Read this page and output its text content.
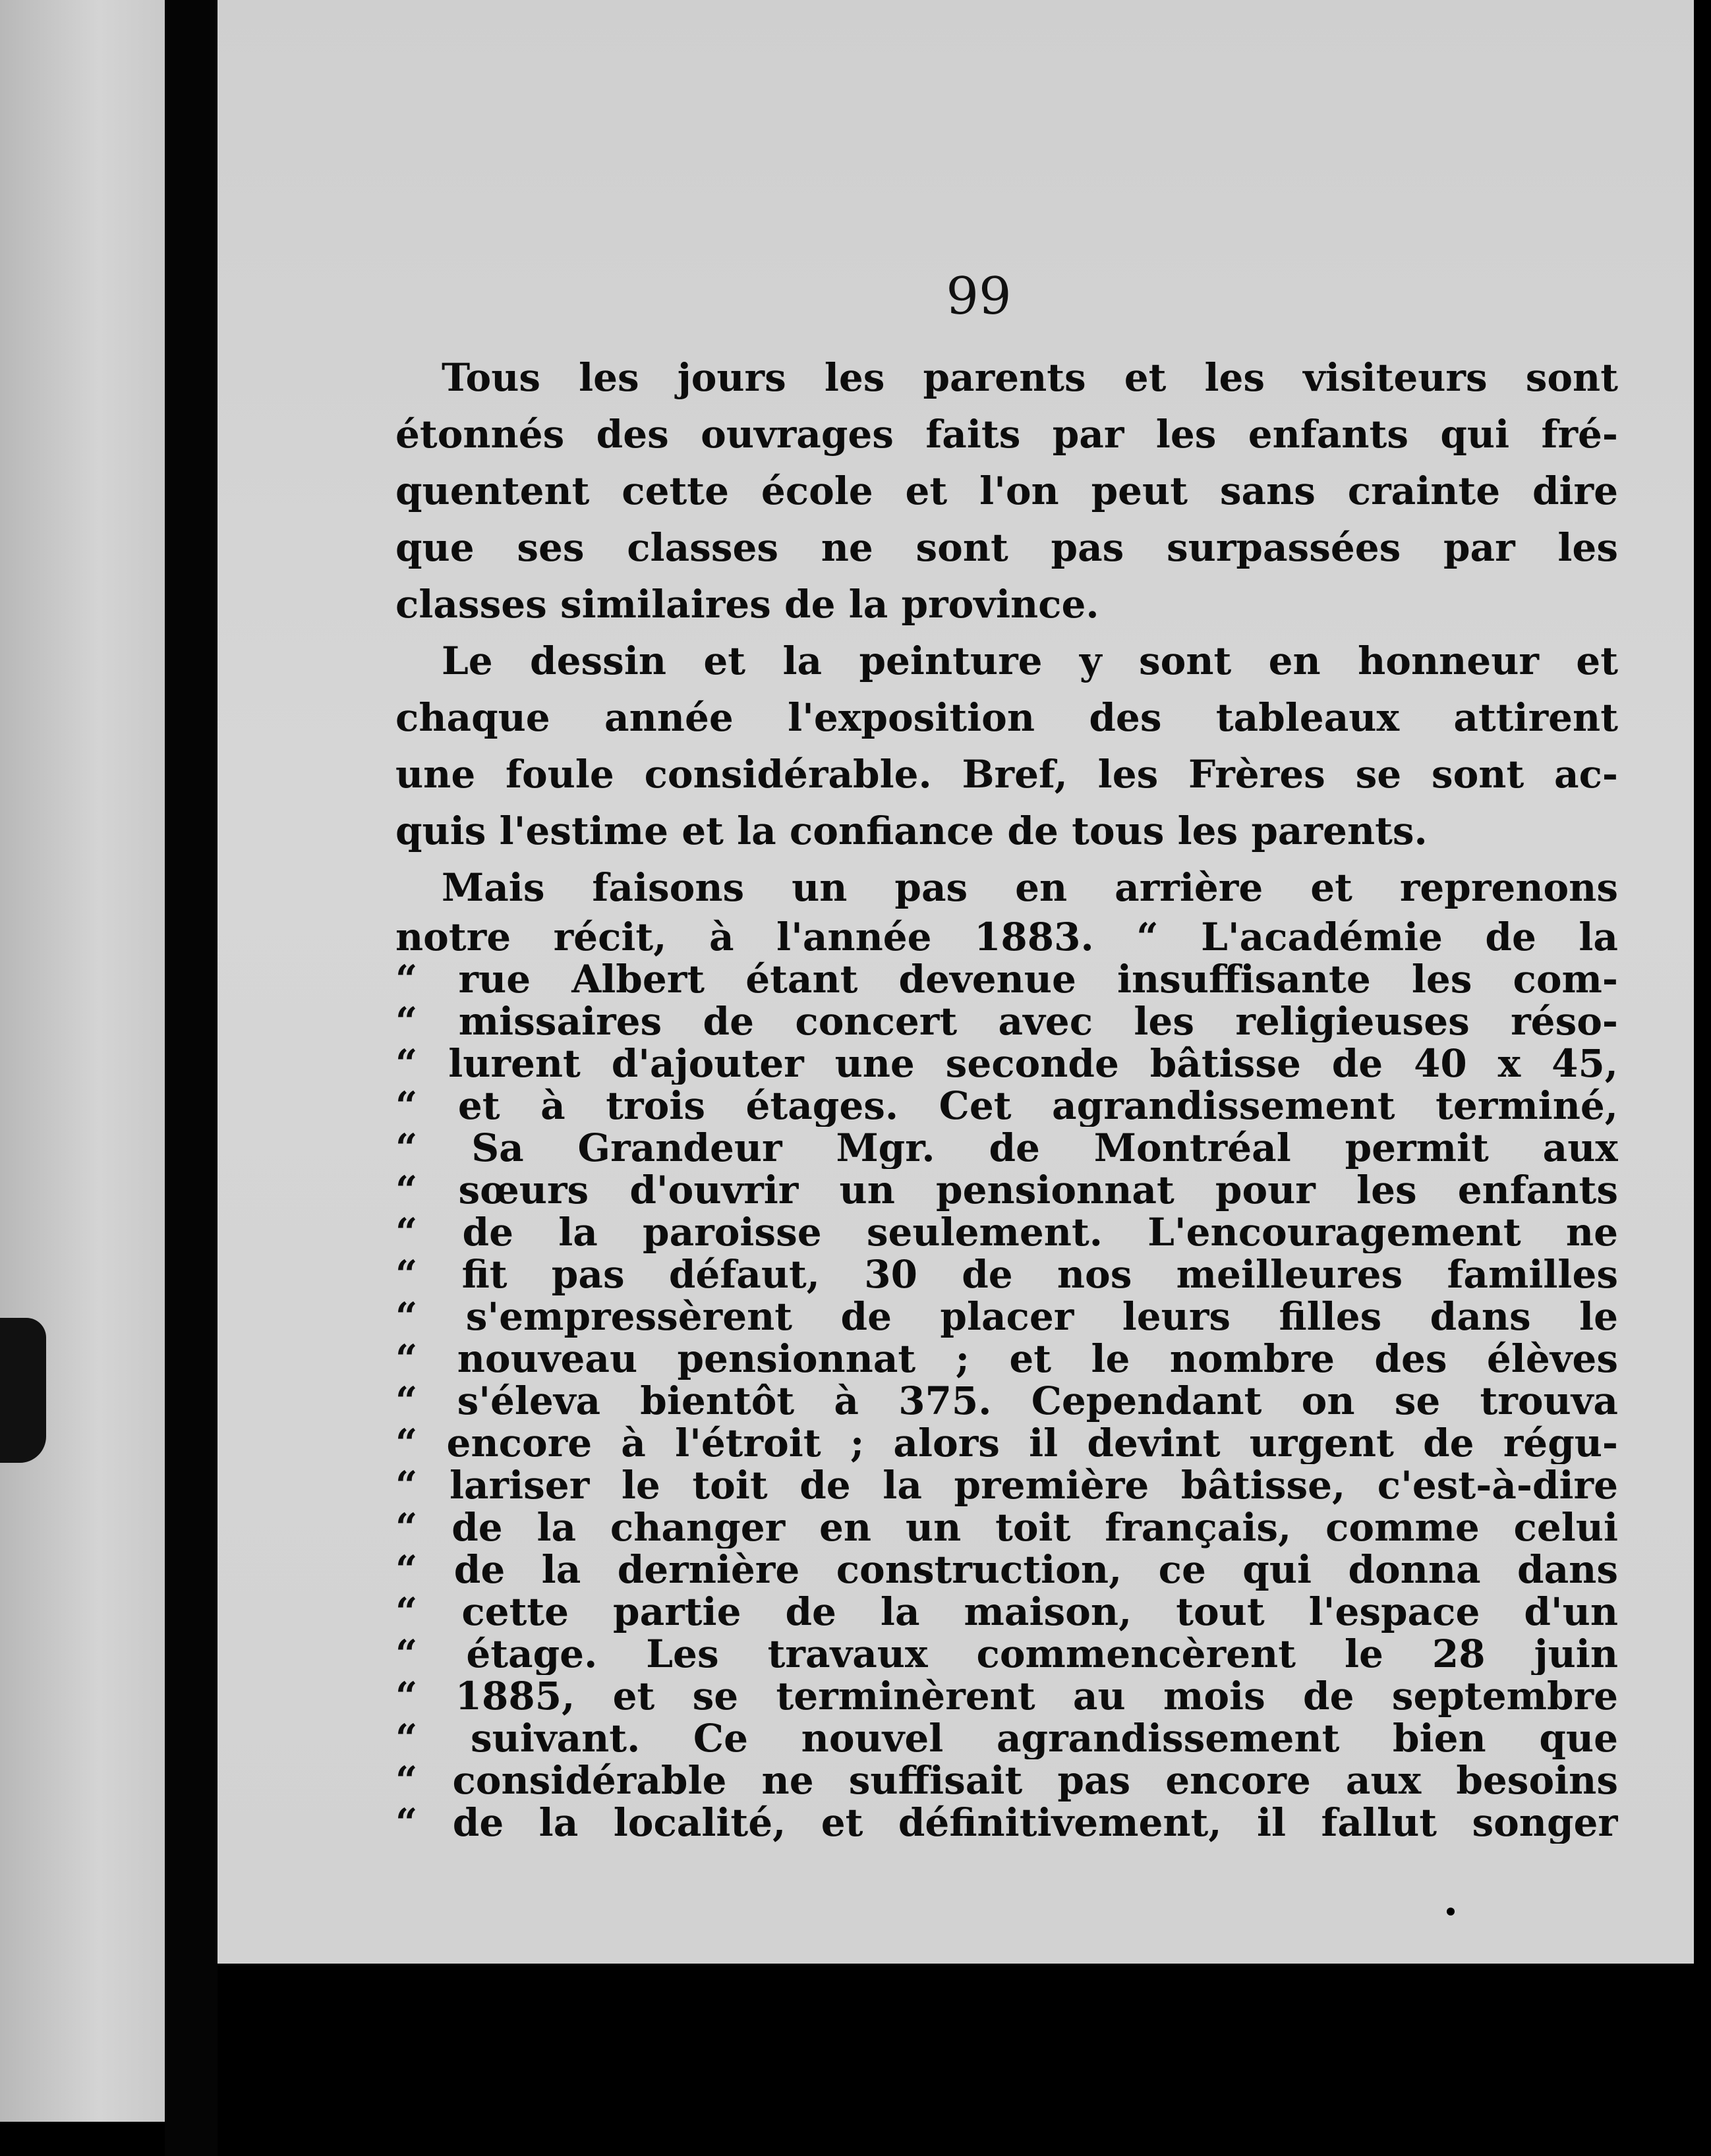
99
Tous les jours les parents et les visiteurs sont
étonnés des ouvrages faits par les enfants qui fré-
quentent cette école et l'on peut sans crainte dire
que ses classes ne sont pas surpassées par les
classes similaires de la province.
Le dessin et la peinture y sont en honneur et
chaque année l'exposition des tableaux attirent
une foule considérable. Bref, les Frères se sont ac-
quis l'estime et la confiance de tous les parents.
Mais faisons un pas en arrière et reprenons
notre récit, à l'année 1883. “ L'académie de la
“ rue Albert étant devenue insuffisante les com-
“ missaires de concert avec les religieuses réso-
“ lurent d'ajouter une seconde bâtisse de 40 x 45,
“ et à trois étages. Cet agrandissement terminé,
“ Sa Grandeur Mgr. de Montréal permit aux
“ sœurs d'ouvrir un pensionnat pour les enfants
“ de la paroisse seulement. L'encouragement ne
“ fit pas défaut, 30 de nos meilleures familles
“ s'empressèrent de placer leurs filles dans le
“ nouveau pensionnat ; et le nombre des élèves
“ s'éleva bientôt à 375. Cependant on se trouva
“ encore à l'étroit ; alors il devint urgent de régu-
“ lariser le toit de la première bâtisse, c'est-à-dire
“ de la changer en un toit français, comme celui
“ de la dernière construction, ce qui donna dans
“ cette partie de la maison, tout l'espace d'un
“ étage. Les travaux commencèrent le 28 juin
“ 1885, et se terminèrent au mois de septembre
“ suivant. Ce nouvel agrandissement bien que
“ considérable ne suffisait pas encore aux besoins
“ de la localité, et définitivement, il fallut songer
